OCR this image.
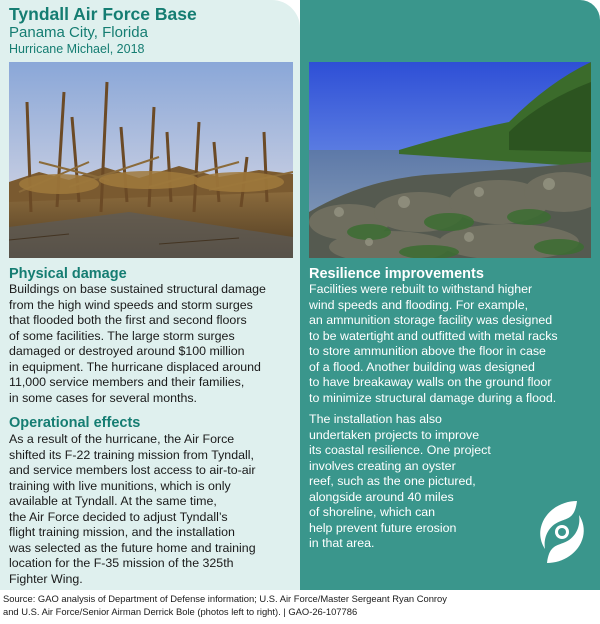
Tyndall Air Force Base
Panama City, Florida
Hurricane Michael, 2018
Physical damage
Buildings on base sustained structural damage
from the high wind speeds and storm surges
that flooded both the first and second floors
of some facilities. The large storm surges
damaged or destroyed around $100 million
in equipment. The hurricane displaced around
11,000 service members and their families,
in some cases for several months.
Operational effects
As a result of the hurricane, the Air Force
shifted its F-22 training mission from Tyndall,
and service members lost access to air-to-air
training with live munitions, which is only
available at Tyndall. At the same time,
the Air Force decided to adjust Tyndall’s
flight training mission, and the installation
was selected as the future home and training
location for the F-35 mission of the 325th
Fighter Wing.
Resilience improvements
Facilities were rebuilt to withstand higher
wind speeds and flooding. For example,
an ammunition storage facility was designed
to be watertight and outfitted with metal racks
to store ammunition above the floor in case
of a flood. Another building was designed
to have breakaway walls on the ground floor
to minimize structural damage during a flood.
The installation has also
undertaken projects to improve
its coastal resilience. One project
involves creating an oyster
reef, such as the one pictured,
alongside around 40 miles
of shoreline, which can
help prevent future erosion
in that area.
Source: GAO analysis of Department of Defense information; U.S. Air Force/Master Sergeant Ryan Conroy
and U.S. Air Force/Senior Airman Derrick Bole (photos left to right). | GAO-26-107786
